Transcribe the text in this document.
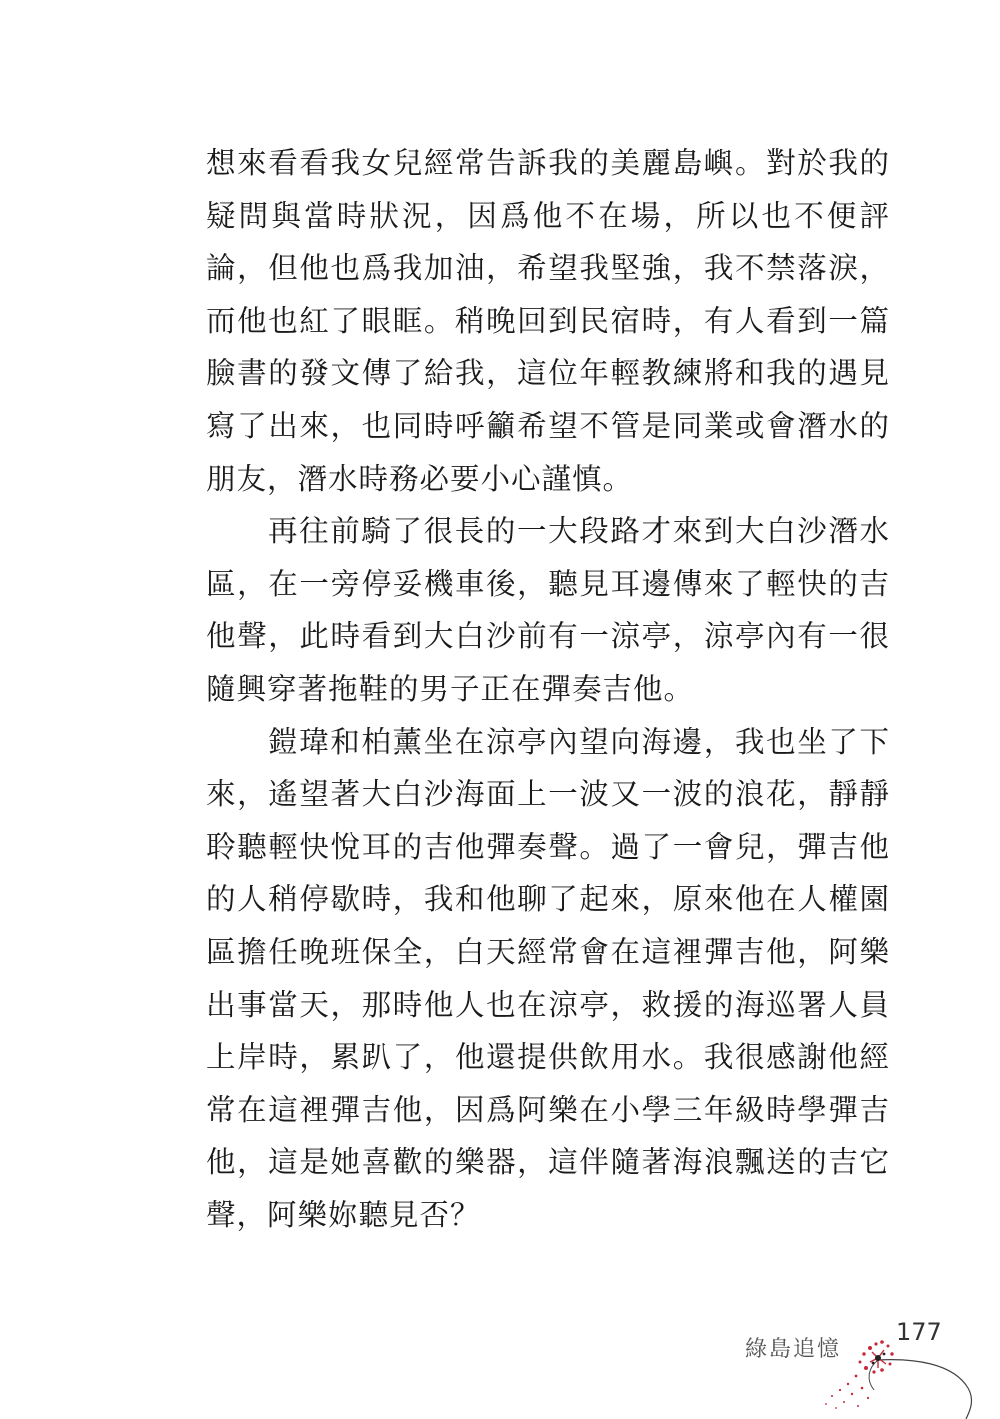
想來看看我女兒經常告訴我的美麗島嶼。對於我的疑問與當時狀況，因爲他不在場，所以也不便評論，但他也爲我加油，希望我堅強，我不禁落淚，而他也紅了眼眶。稍晚回到民宿時，有人看到一篇臉書的發文傳了給我，這位年輕教練將和我的遇見寫了出來，也同時呼籲希望不管是同業或會潛水的朋友，潛水時務必要小心謹慎。

再往前騎了很長的一大段路才來到大白沙潛水區，在一旁停妥機車後，聽見耳邊傳來了輕快的吉他聲，此時看到大白沙前有一涼亭，涼亭內有一很隨興穿著拖鞋的男子正在彈奏吉他。

鎧瑋和柏薰坐在涼亭內望向海邊，我也坐了下來，遙望著大白沙海面上一波又一波的浪花，靜靜聆聽輕快悅耳的吉他彈奏聲。過了一會兒，彈吉他的人稍停歇時，我和他聊了起來，原來他在人權園區擔任晚班保全，白天經常會在這裡彈吉他，阿樂出事當天，那時他人也在涼亭，救援的海巡署人員上岸時，累趴了，他還提供飲用水。我很感謝他經常在這裡彈吉他，因爲阿樂在小學三年級時學彈吉他，這是她喜歡的樂器，這伴隨著海浪飄送的吉它聲，阿樂妳聽見否？

綠島追憶
177
